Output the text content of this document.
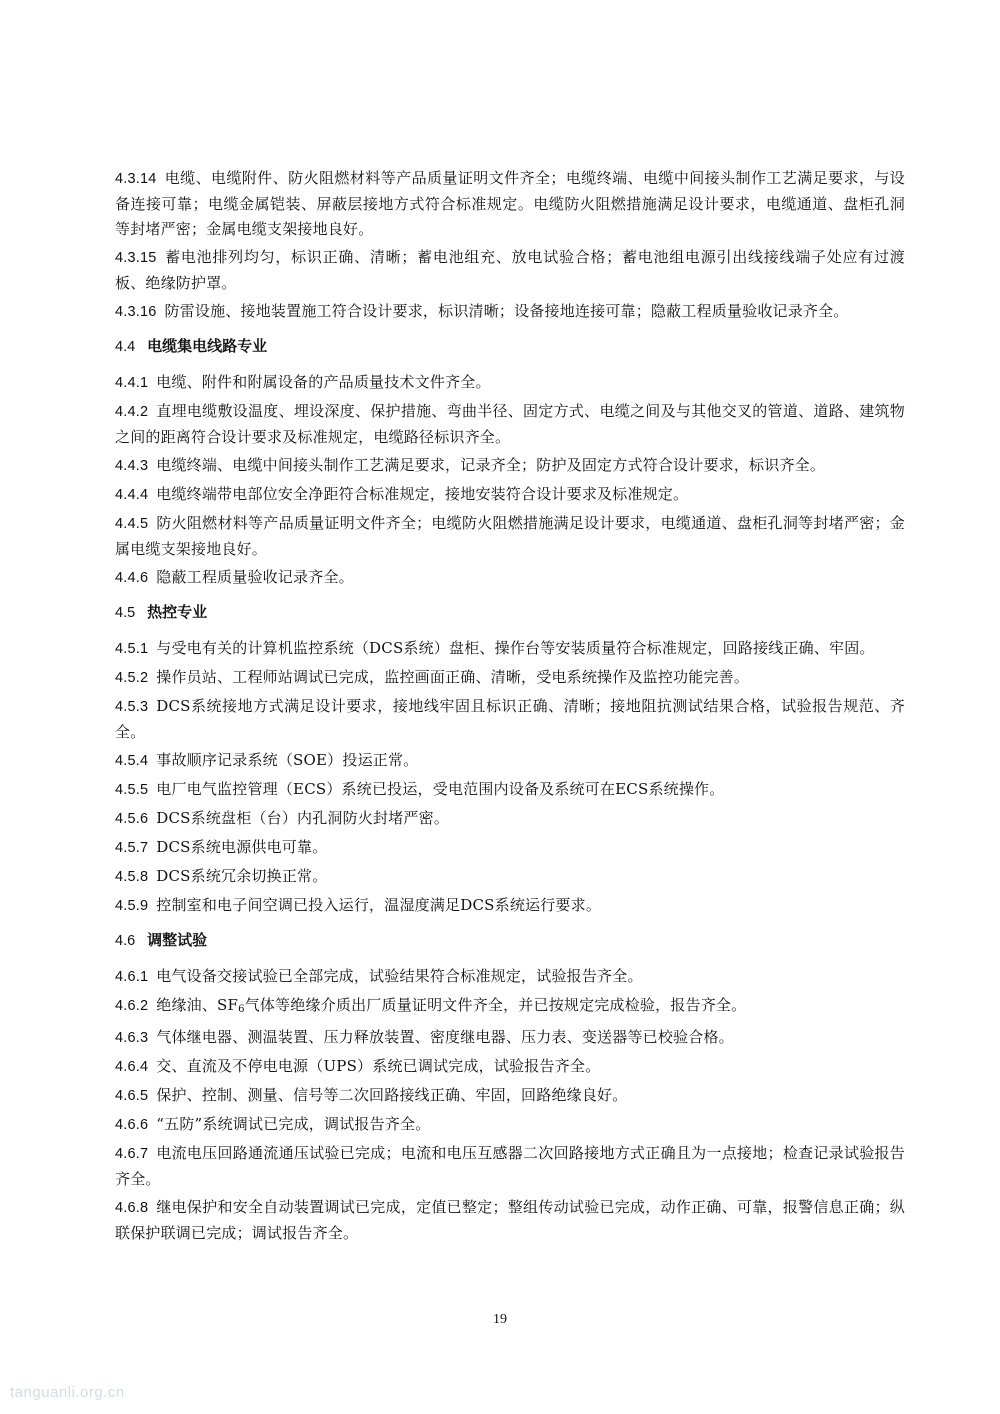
4.3.14 电缆、电缆附件、防火阻燃材料等产品质量证明文件齐全；电缆终端、电缆中间接头制作工艺满足要求，与设备连接可靠；电缆金属铠装、屏蔽层接地方式符合标准规定。电缆防火阻燃措施满足设计要求，电缆通道、盘柜孔洞等封堵严密；金属电缆支架接地良好。

4.3.15 蓄电池排列均匀，标识正确、清晰；蓄电池组充、放电试验合格；蓄电池组电源引出线接线端子处应有过渡板、绝缘防护罩。

4.3.16 防雷设施、接地装置施工符合设计要求，标识清晰；设备接地连接可靠；隐蔽工程质量验收记录齐全。

4.4 电缆集电线路专业

4.4.1 电缆、附件和附属设备的产品质量技术文件齐全。

4.4.2 直埋电缆敷设温度、埋设深度、保护措施、弯曲半径、固定方式、电缆之间及与其他交叉的管道、道路、建筑物之间的距离符合设计要求及标准规定，电缆路径标识齐全。

4.4.3 电缆终端、电缆中间接头制作工艺满足要求，记录齐全；防护及固定方式符合设计要求，标识齐全。

4.4.4 电缆终端带电部位安全净距符合标准规定，接地安装符合设计要求及标准规定。

4.4.5 防火阻燃材料等产品质量证明文件齐全；电缆防火阻燃措施满足设计要求，电缆通道、盘柜孔洞等封堵严密；金属电缆支架接地良好。

4.4.6 隐蔽工程质量验收记录齐全。

4.5 热控专业

4.5.1 与受电有关的计算机监控系统（DCS系统）盘柜、操作台等安装质量符合标准规定，回路接线正确、牢固。

4.5.2 操作员站、工程师站调试已完成，监控画面正确、清晰，受电系统操作及监控功能完善。

4.5.3 DCS系统接地方式满足设计要求，接地线牢固且标识正确、清晰；接地阻抗测试结果合格，试验报告规范、齐全。

4.5.4 事故顺序记录系统（SOE）投运正常。

4.5.5 电厂电气监控管理（ECS）系统已投运，受电范围内设备及系统可在ECS系统操作。

4.5.6 DCS系统盘柜（台）内孔洞防火封堵严密。

4.5.7 DCS系统电源供电可靠。

4.5.8 DCS系统冗余切换正常。

4.5.9 控制室和电子间空调已投入运行，温湿度满足DCS系统运行要求。

4.6 调整试验

4.6.1 电气设备交接试验已全部完成，试验结果符合标准规定，试验报告齐全。

4.6.2 绝缘油、$SF_6$气体等绝缘介质出厂质量证明文件齐全，并已按规定完成检验，报告齐全。

4.6.3 气体继电器、测温装置、压力释放装置、密度继电器、压力表、变送器等已校验合格。

4.6.4 交、直流及不停电电源（UPS）系统已调试完成，试验报告齐全。

4.6.5 保护、控制、测量、信号等二次回路接线正确、牢固，回路绝缘良好。

4.6.6 “五防”系统调试已完成，调试报告齐全。

4.6.7 电流电压回路通流通压试验已完成；电流和电压互感器二次回路接地方式正确且为一点接地；检查记录试验报告齐全。

4.6.8 继电保护和安全自动装置调试已完成，定值已整定；整组传动试验已完成，动作正确、可靠，报警信息正确；纵联保护联调已完成；调试报告齐全。

19
tanguanli.org.cn
